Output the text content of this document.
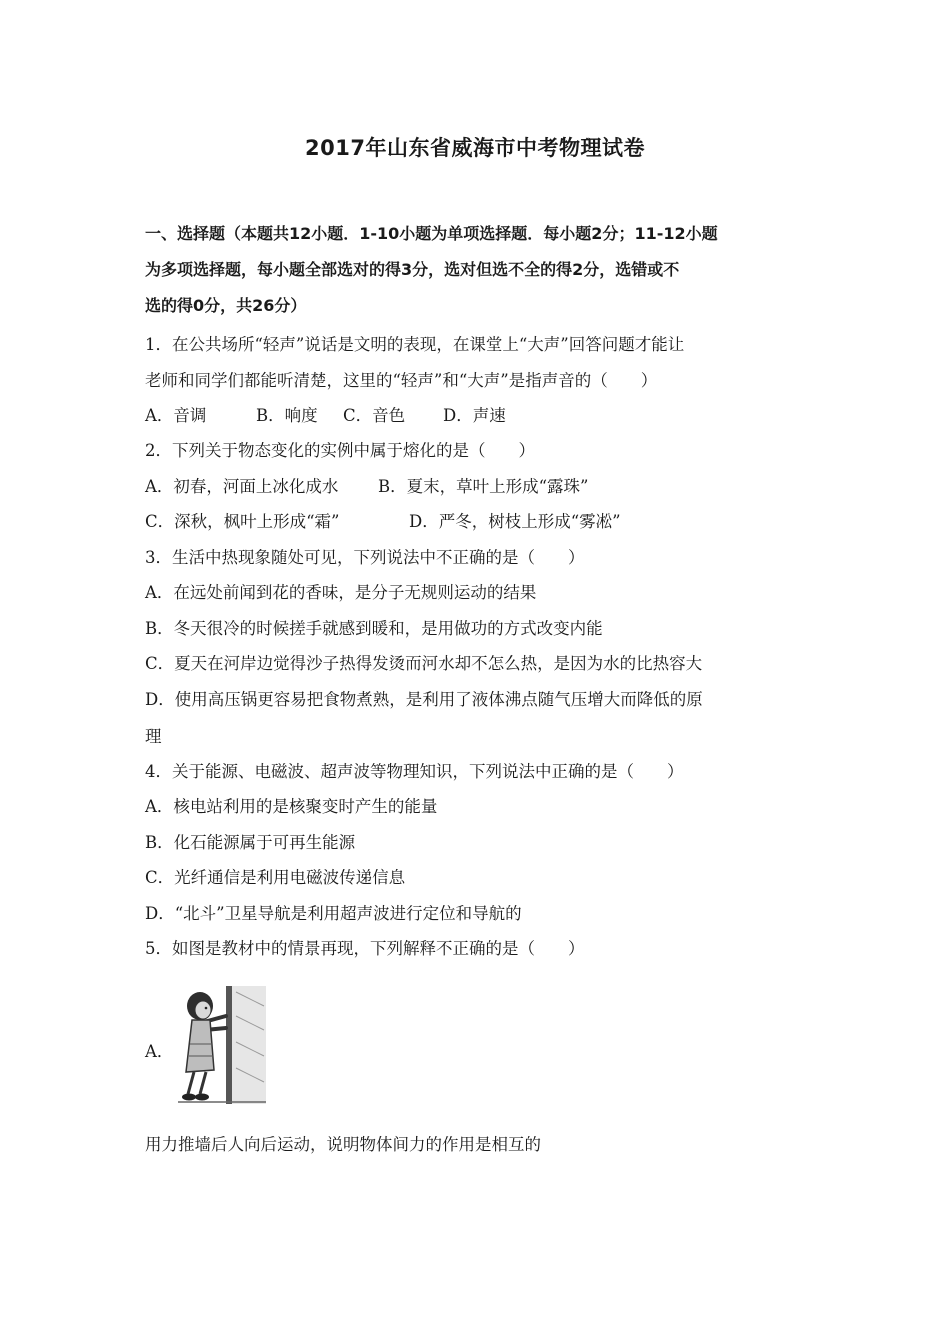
2017年山东省威海市中考物理试卷
一、选择题（本题共12小题．1-10小题为单项选择题．每小题2分；11-12小题
为多项选择题，每小题全部选对的得3分，选对但选不全的得2分，选错或不
选的得0分，共26分）
1．在公共场所“轻声”说话是文明的表现，在课堂上“大声”回答问题才能让
老师和同学们都能听清楚，这里的“轻声”和“大声”是指声音的（　　）
A．音调	B．响度 C．音色 D．声速
2．下列关于物态变化的实例中属于熔化的是（　　）
A．初春，河面上冰化成水 B．夏末，草叶上形成“露珠”
C．深秋，枫叶上形成“霜”	D．严冬，树枝上形成“雾凇”
3．生活中热现象随处可见，下列说法中不正确的是（　　）
A．在远处前闻到花的香味，是分子无规则运动的结果
B．冬天很冷的时候搓手就感到暖和，是用做功的方式改变内能
C．夏天在河岸边觉得沙子热得发烫而河水却不怎么热，是因为水的比热容大
D．使用高压锅更容易把食物煮熟，是利用了液体沸点随气压增大而降低的原
理
4．关于能源、电磁波、超声波等物理知识，下列说法中正确的是（　　）
A．核电站利用的是核聚变时产生的能量
B．化石能源属于可再生能源
C．光纤通信是利用电磁波传递信息
D．“北斗”卫星导航是利用超声波进行定位和导航的
5．如图是教材中的情景再现，下列解释不正确的是（　　）
A．
用力推墙后人向后运动，说明物体间力的作用是相互的
